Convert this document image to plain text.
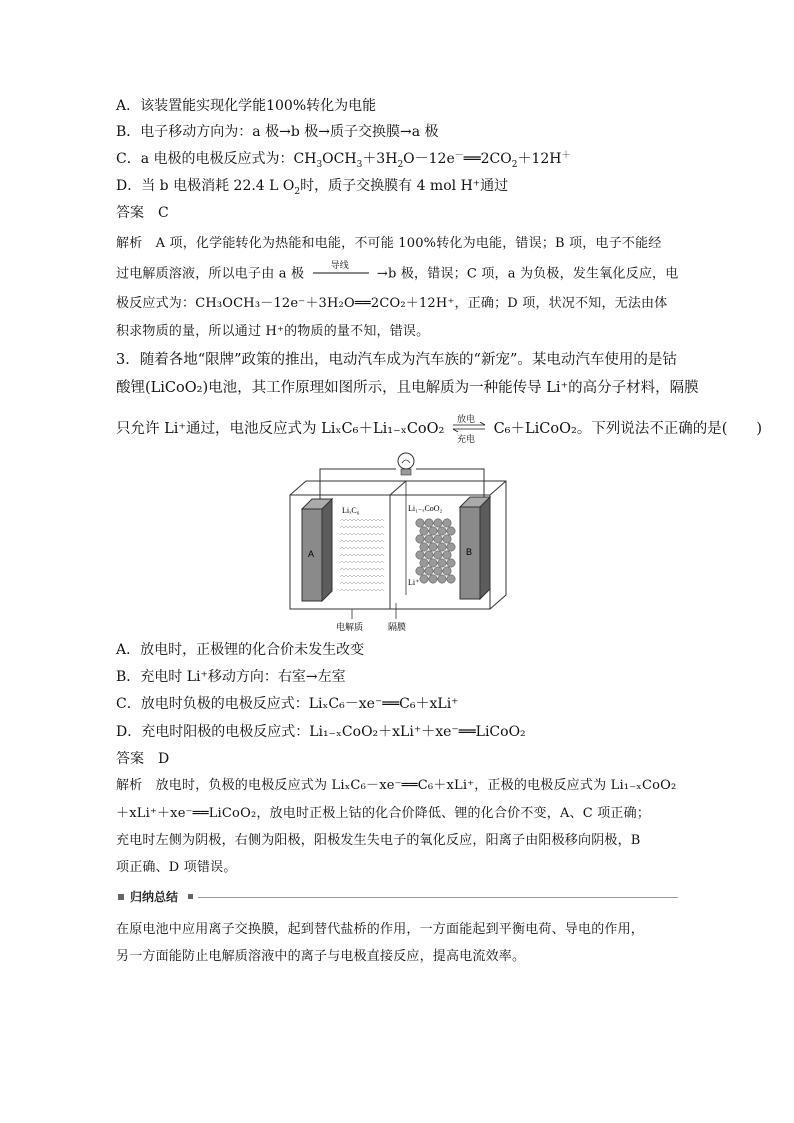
A．该装置能实现化学能100%转化为电能
B．电子移动方向为：a 极→b 极→质子交换膜→a 极
C．a 电极的电极反应式为：$CH_3OCH_3+3H_2O-12e^-══2CO_2+12H^+$
D．当 b 电极消耗 22.4 L $O_2$时，质子交换膜有 4 mol H⁺通过
答案　C
解析　A 项，化学能转化为热能和电能，不可能 100%转化为电能，错误；B 项，电子不能经
过电解质溶液，所以电子由 a 极
导线
→b 极，错误；C 项，a 为负极，发生氧化反应，电
极反应式为：CH₃OCH₃－12e⁻＋3H₂O══2CO₂＋12H⁺，正确；D 项，状况不知，无法由体
积求物质的量，所以通过 H⁺的物质的量不知，错误。
3．随着各地“限牌”政策的推出，电动汽车成为汽车族的“新宠”。某电动汽车使用的是钴
酸锂(LiCoO₂)电池，其工作原理如图所示，且电解质为一种能传导 Li⁺的高分子材料，隔膜
只允许 Li⁺通过，电池反应式为 LiₓC₆＋Li₁₋ₓCoO₂
放电
充电
C₆＋LiCoO₂。下列说法不正确的是(　　)
A	B
LiₓC₆	Li₁₋ₓCoO₂
Li⁺
电解质	隔膜
A．放电时，正极锂的化合价未发生改变
B．充电时 Li⁺移动方向：右室→左室
C．放电时负极的电极反应式：LiₓC₆－xe⁻══C₆＋xLi⁺
D．充电时阳极的电极反应式：Li₁₋ₓCoO₂＋xLi⁺＋xe⁻══LiCoO₂
答案　D
解析　放电时，负极的电极反应式为 LiₓC₆－xe⁻══C₆＋xLi⁺，正极的电极反应式为 Li₁₋ₓCoO₂
＋xLi⁺＋xe⁻══LiCoO₂，放电时正极上钴的化合价降低、锂的化合价不变，A、C 项正确；
充电时左侧为阴极，右侧为阳极，阳极发生失电子的氧化反应，阳离子由阳极移向阴极，B
项正确、D 项错误。
归纳总结
在原电池中应用离子交换膜，起到替代盐桥的作用，一方面能起到平衡电荷、导电的作用，
另一方面能防止电解质溶液中的离子与电极直接反应，提高电流效率。
